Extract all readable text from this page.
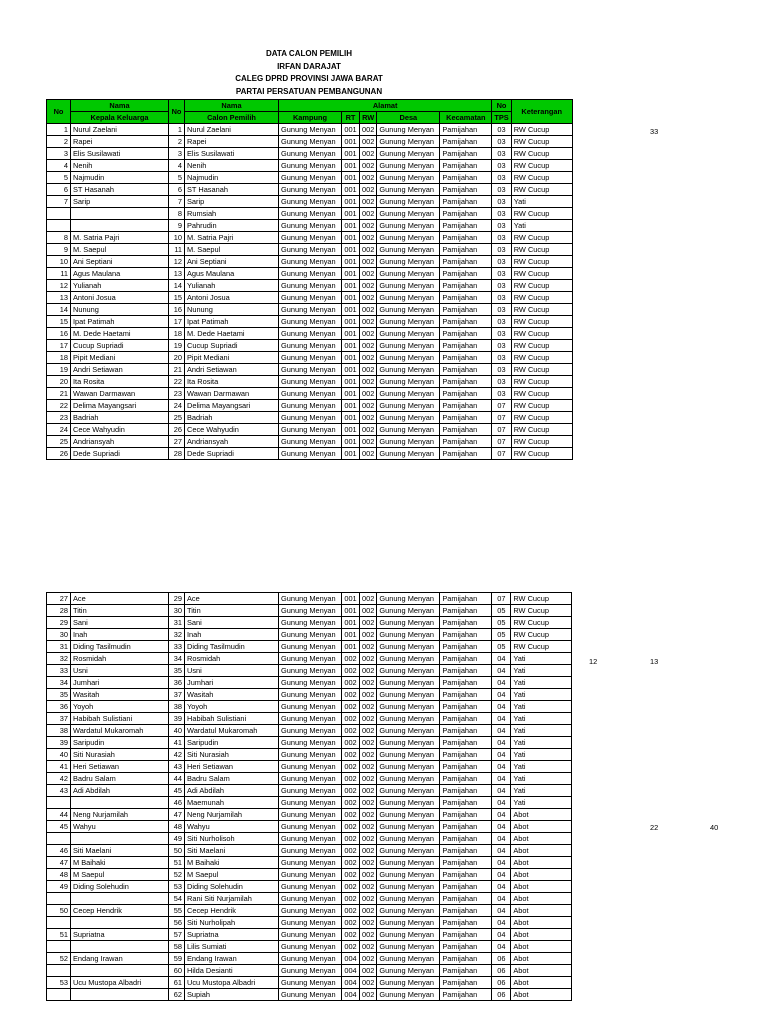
DATA CALON PEMILIH
IRFAN DARAJAT
CALEG DPRD PROVINSI JAWA BARAT
PARTAI PERSATUAN PEMBANGUNAN
No	Nama	No	Nama	Alamat					No	Keterangan
	Kepala Keluarga		Calon Pemilih	Kampung	RT	RW	Desa	Kecamatan	TPS	
1	Nurul Zaelani	1	Nurul Zaelani	Gunung Menyan	001	002	Gunung Menyan	Pamijahan	03	RW Cucup
2	Rapei	2	Rapei	Gunung Menyan	001	002	Gunung Menyan	Pamijahan	03	RW Cucup
3	Elis Susilawati	3	Elis Susilawati	Gunung Menyan	001	002	Gunung Menyan	Pamijahan	03	RW Cucup
4	Nenih	4	Nenih	Gunung Menyan	001	002	Gunung Menyan	Pamijahan	03	RW Cucup
5	Najmudin	5	Najmudin	Gunung Menyan	001	002	Gunung Menyan	Pamijahan	03	RW Cucup
6	ST Hasanah	6	ST Hasanah	Gunung Menyan	001	002	Gunung Menyan	Pamijahan	03	RW Cucup
7	Sarip	7	Sarip	Gunung Menyan	001	002	Gunung Menyan	Pamijahan	03	Yati
		8	Rumsiah	Gunung Menyan	001	002	Gunung Menyan	Pamijahan	03	RW Cucup
		9	Pahrudin	Gunung Menyan	001	002	Gunung Menyan	Pamijahan	03	Yati
8	M. Satria Pajri	10	M. Satria Pajri	Gunung Menyan	001	002	Gunung Menyan	Pamijahan	03	RW Cucup
9	M. Saepul	11	M. Saepul	Gunung Menyan	001	002	Gunung Menyan	Pamijahan	03	RW Cucup
10	Ani Septiani	12	Ani Septiani	Gunung Menyan	001	002	Gunung Menyan	Pamijahan	03	RW Cucup
11	Agus Maulana	13	Agus Maulana	Gunung Menyan	001	002	Gunung Menyan	Pamijahan	03	RW Cucup
12	Yulianah	14	Yulianah	Gunung Menyan	001	002	Gunung Menyan	Pamijahan	03	RW Cucup
13	Antoni Josua	15	Antoni Josua	Gunung Menyan	001	002	Gunung Menyan	Pamijahan	03	RW Cucup
14	Nunung	16	Nunung	Gunung Menyan	001	002	Gunung Menyan	Pamijahan	03	RW Cucup
15	Ipat Patimah	17	Ipat Patimah	Gunung Menyan	001	002	Gunung Menyan	Pamijahan	03	RW Cucup
16	M. Dede Haetami	18	M. Dede Haetami	Gunung Menyan	001	002	Gunung Menyan	Pamijahan	03	RW Cucup
17	Cucup Supriadi	19	Cucup Supriadi	Gunung Menyan	001	002	Gunung Menyan	Pamijahan	03	RW Cucup
18	Pipit Mediani	20	Pipit Mediani	Gunung Menyan	001	002	Gunung Menyan	Pamijahan	03	RW Cucup
19	Andri Setiawan	21	Andri Setiawan	Gunung Menyan	001	002	Gunung Menyan	Pamijahan	03	RW Cucup
20	Ita Rosita	22	Ita Rosita	Gunung Menyan	001	002	Gunung Menyan	Pamijahan	03	RW Cucup
21	Wawan Darmawan	23	Wawan Darmawan	Gunung Menyan	001	002	Gunung Menyan	Pamijahan	03	RW Cucup
22	Delima Mayangsari	24	Delima Mayangsari	Gunung Menyan	001	002	Gunung Menyan	Pamijahan	07	RW Cucup
23	Badriah	25	Badriah	Gunung Menyan	001	002	Gunung Menyan	Pamijahan	07	RW Cucup
24	Cece Wahyudin	26	Cece Wahyudin	Gunung Menyan	001	002	Gunung Menyan	Pamijahan	07	RW Cucup
25	Andriansyah	27	Andriansyah	Gunung Menyan	001	002	Gunung Menyan	Pamijahan	07	RW Cucup
26	Dede Supriadi	28	Dede Supriadi	Gunung Menyan	001	002	Gunung Menyan	Pamijahan	07	RW Cucup
27	Ace	29	Ace	Gunung Menyan	001	002	Gunung Menyan	Pamijahan	07	RW Cucup
28	Titin	30	Titin	Gunung Menyan	001	002	Gunung Menyan	Pamijahan	05	RW Cucup
29	Sani	31	Sani	Gunung Menyan	001	002	Gunung Menyan	Pamijahan	05	RW Cucup
30	Inah	32	Inah	Gunung Menyan	001	002	Gunung Menyan	Pamijahan	05	RW Cucup
31	Diding Tasilmudin	33	Diding Tasilmudin	Gunung Menyan	001	002	Gunung Menyan	Pamijahan	05	RW Cucup
32	Rosmidah	34	Rosmidah	Gunung Menyan	002	002	Gunung Menyan	Pamijahan	04	Yati
33	Usni	35	Usni	Gunung Menyan	002	002	Gunung Menyan	Pamijahan	04	Yati
34	Jumhari	36	Jumhari	Gunung Menyan	002	002	Gunung Menyan	Pamijahan	04	Yati
35	Wasitah	37	Wasitah	Gunung Menyan	002	002	Gunung Menyan	Pamijahan	04	Yati
36	Yoyoh	38	Yoyoh	Gunung Menyan	002	002	Gunung Menyan	Pamijahan	04	Yati
37	Habibah Sulistiani	39	Habibah Sulistiani	Gunung Menyan	002	002	Gunung Menyan	Pamijahan	04	Yati
38	Wardatul Mukaromah	40	Wardatul Mukaromah	Gunung Menyan	002	002	Gunung Menyan	Pamijahan	04	Yati
39	Saripudin	41	Saripudin	Gunung Menyan	002	002	Gunung Menyan	Pamijahan	04	Yati
40	Siti Nurasiah	42	Siti Nurasiah	Gunung Menyan	002	002	Gunung Menyan	Pamijahan	04	Yati
41	Heri Setiawan	43	Heri Setiawan	Gunung Menyan	002	002	Gunung Menyan	Pamijahan	04	Yati
42	Badru Salam	44	Badru Salam	Gunung Menyan	002	002	Gunung Menyan	Pamijahan	04	Yati
43	Adi Abdilah	45	Adi Abdilah	Gunung Menyan	002	002	Gunung Menyan	Pamijahan	04	Yati
		46	Maemunah	Gunung Menyan	002	002	Gunung Menyan	Pamijahan	04	Yati
44	Neng Nurjamilah	47	Neng Nurjamilah	Gunung Menyan	002	002	Gunung Menyan	Pamijahan	04	Abot
45	Wahyu	48	Wahyu	Gunung Menyan	002	002	Gunung Menyan	Pamijahan	04	Abot
		49	Siti Nurholisoh	Gunung Menyan	002	002	Gunung Menyan	Pamijahan	04	Abot
46	Siti Maelani	50	Siti Maelani	Gunung Menyan	002	002	Gunung Menyan	Pamijahan	04	Abot
47	M Baihaki	51	M Baihaki	Gunung Menyan	002	002	Gunung Menyan	Pamijahan	04	Abot
48	M Saepul	52	M Saepul	Gunung Menyan	002	002	Gunung Menyan	Pamijahan	04	Abot
49	Diding Solehudin	53	Diding Solehudin	Gunung Menyan	002	002	Gunung Menyan	Pamijahan	04	Abot
		54	Rani Siti Nurjamilah	Gunung Menyan	002	002	Gunung Menyan	Pamijahan	04	Abot
50	Cecep Hendrik	55	Cecep Hendrik	Gunung Menyan	002	002	Gunung Menyan	Pamijahan	04	Abot
		56	Siti Nurholipah	Gunung Menyan	002	002	Gunung Menyan	Pamijahan	04	Abot
51	Supriatna	57	Supriatna	Gunung Menyan	002	002	Gunung Menyan	Pamijahan	04	Abot
		58	Lilis Sumiati	Gunung Menyan	002	002	Gunung Menyan	Pamijahan	04	Abot
52	Endang Irawan	59	Endang Irawan	Gunung Menyan	004	002	Gunung Menyan	Pamijahan	06	Abot
		60	Hilda Desianti	Gunung Menyan	004	002	Gunung Menyan	Pamijahan	06	Abot
53	Ucu Mustopa Albadri	61	Ucu Mustopa Albadri	Gunung Menyan	004	002	Gunung Menyan	Pamijahan	06	Abot
		62	Supiah	Gunung Menyan	004	002	Gunung Menyan	Pamijahan	06	Abot
33
12	13
22	40
